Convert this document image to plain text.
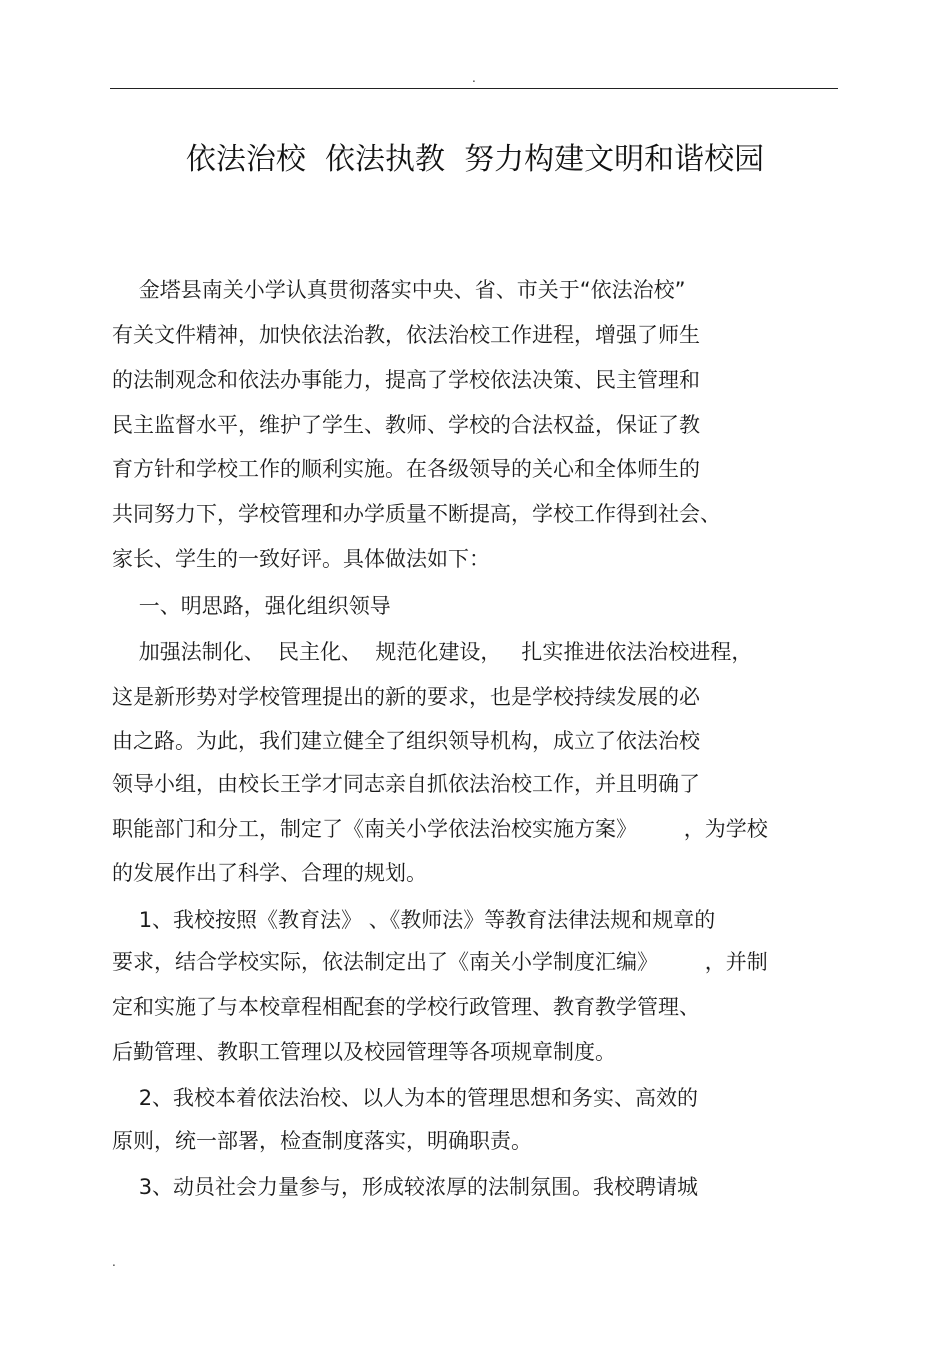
.
依法治校  依法执教  努力构建文明和谐校园
金塔县南关小学认真贯彻落实中央、省、市关于“依法治校”
有关文件精神，加快依法治教，依法治校工作进程，增强了师生
的法制观念和依法办事能力，提高了学校依法决策、民主管理和
民主监督水平，维护了学生、教师、学校的合法权益，保证了教
育方针和学校工作的顺利实施。在各级领导的关心和全体师生的
共同努力下，学校管理和办学质量不断提高，学校工作得到社会、
家长、学生的一致好评。具体做法如下：
一、明思路，强化组织领导
加强法制化、  民主化、  规范化建设，   扎实推进依法治校进程，
这是新形势对学校管理提出的新的要求，也是学校持续发展的必
由之路。为此，我们建立健全了组织领导机构，成立了依法治校
领导小组，由校长王学才同志亲自抓依法治校工作，并且明确了
职能部门和分工，制定了《南关小学依法治校实施方案》       ，为学校
的发展作出了科学、合理的规划。
1、我校按照《教育法》 、《教师法》等教育法律法规和规章的
要求，结合学校实际，依法制定出了《南关小学制度汇编》       ，并制
定和实施了与本校章程相配套的学校行政管理、教育教学管理、
后勤管理、教职工管理以及校园管理等各项规章制度。
2、我校本着依法治校、以人为本的管理思想和务实、高效的
原则，统一部署，检查制度落实，明确职责。
3、动员社会力量参与，形成较浓厚的法制氛围。我校聘请城
.
